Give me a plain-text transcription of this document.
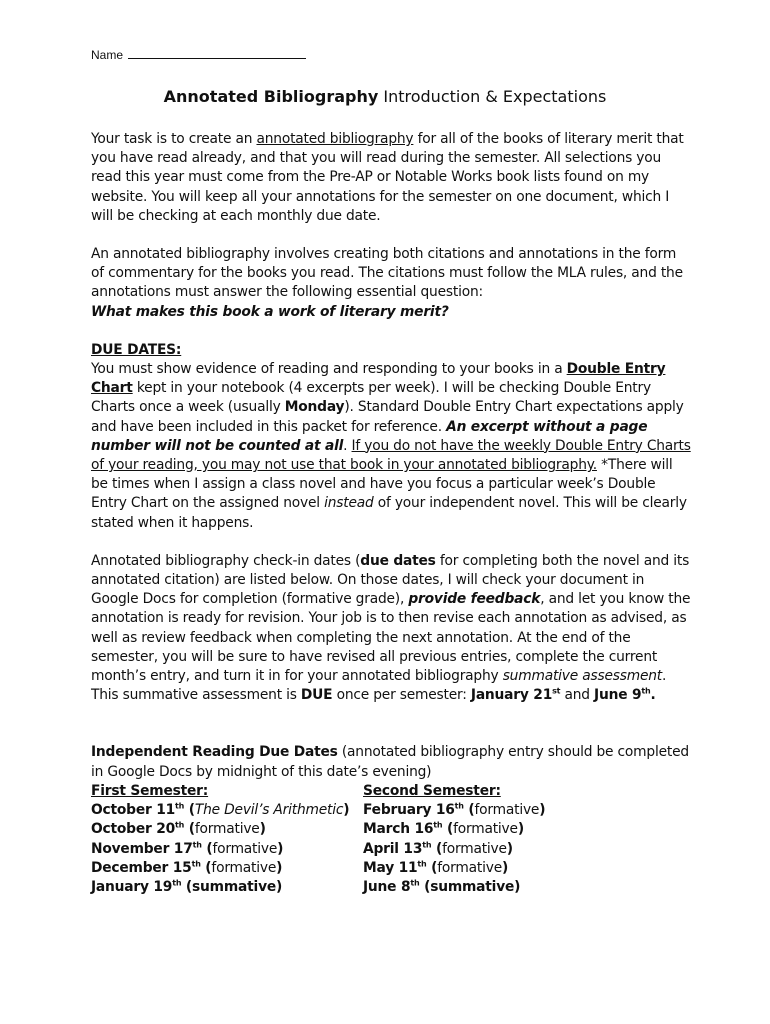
Name
Annotated Bibliography Introduction & Expectations

Your task is to create an annotated bibliography for all of the books of literary merit that you have read already, and that you will read during the semester. All selections you read this year must come from the Pre-AP or Notable Works book lists found on my website. You will keep all your annotations for the semester on one document, which I will be checking at each monthly due date.

An annotated bibliography involves creating both citations and annotations in the form of commentary for the books you read. The citations must follow the MLA rules, and the annotations must answer the following essential question:
What makes this book a work of literary merit?

DUE DATES:
You must show evidence of reading and responding to your books in a Double Entry Chart kept in your notebook (4 excerpts per week). I will be checking Double Entry Charts once a week (usually Monday). Standard Double Entry Chart expectations apply and have been included in this packet for reference. An excerpt without a page number will not be counted at all. If you do not have the weekly Double Entry Charts of your reading, you may not use that book in your annotated bibliography. *There will be times when I assign a class novel and have you focus a particular week’s Double Entry Chart on the assigned novel instead of your independent novel. This will be clearly stated when it happens.

Annotated bibliography check-in dates (due dates for completing both the novel and its annotated citation) are listed below. On those dates, I will check your document in Google Docs for completion (formative grade), provide feedback, and let you know the annotation is ready for revision. Your job is to then revise each annotation as advised, as well as review feedback when completing the next annotation. At the end of the semester, you will be sure to have revised all previous entries, complete the current month’s entry, and turn it in for your annotated bibliography summative assessment. This summative assessment is DUE once per semester: January 21st and June 9th.

Independent Reading Due Dates (annotated bibliography entry should be completed in Google Docs by midnight of this date’s evening)
First Semester:	Second Semester:
October 11th (The Devil’s Arithmetic)	February 16th (formative)
October 20th (formative)	March 16th (formative)
November 17th (formative)	April 13th (formative)
December 15th (formative)	May 11th (formative)
January 19th (summative)	June 8th (summative)
